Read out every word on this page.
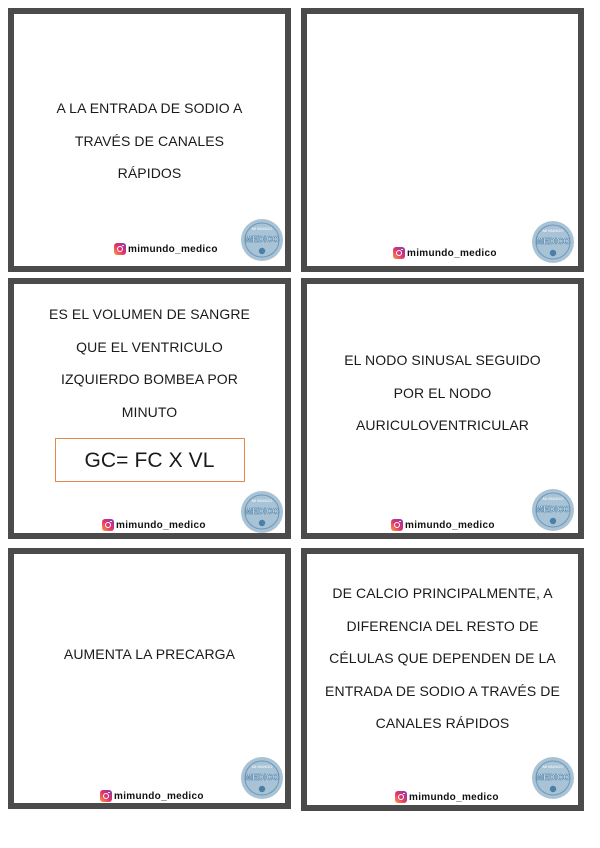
A LA ENTRADA DE SODIO A
TRAVÉS DE CANALES
RÁPIDOS
mimundo_medico
MI MUNDO
MEDICO
mimundo_medico
MI MUNDO
MEDICO
ES EL VOLUMEN DE SANGRE
QUE EL VENTRICULO
IZQUIERDO BOMBEA POR
MINUTO
GC= FC X VL
mimundo_medico
MI MUNDO
MEDICO
EL NODO SINUSAL SEGUIDO
POR EL NODO
AURICULOVENTRICULAR
mimundo_medico
MI MUNDO
MEDICO
AUMENTA LA PRECARGA
mimundo_medico
MI MUNDO
MEDICO
DE CALCIO PRINCIPALMENTE, A
DIFERENCIA DEL RESTO DE
CÉLULAS QUE DEPENDEN DE LA
ENTRADA DE SODIO A TRAVÉS DE
CANALES RÁPIDOS
mimundo_medico
MI MUNDO
MEDICO
